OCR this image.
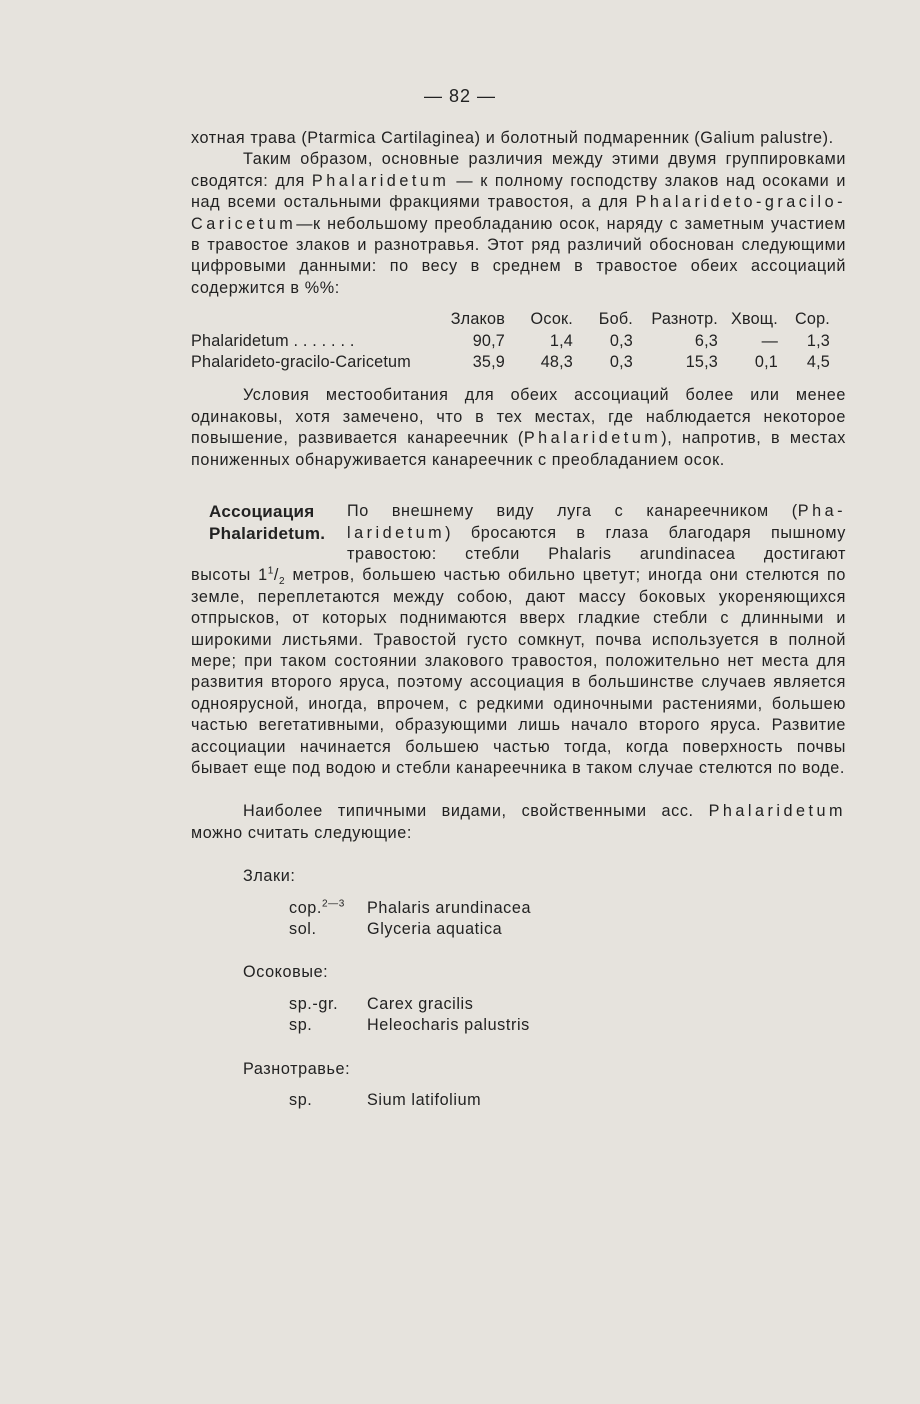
— 82 —

хотная трава (Ptarmica Cartilaginea) и болотный подмаренник (Galium palustre).

Таким образом, основные различия между этими двумя группировками сводятся: для Phalaridetum — к полному господству злаков над осоками и над всеми остальными фракциями травостоя, а для Phalarideto-gracilo-Caricetum—к небольшому преобладанию осок, наряду с заметным участием в травостое злаков и разнотравья. Этот ряд различий обоснован следующими цифровыми данными: по весу в среднем в травостое обеих ассоциаций содержится в %%:

	Злаков	Осок.	Боб.	Разнотр.	Хвощ.	Сор.
Phalaridetum . . . . . . .	90,7	1,4	0,3	6,3	—	1,3
Phalarideto-gracilo-Caricetum	35,9	48,3	0,3	15,3	0,1	4,5

Условия местообитания для обеих ассоциаций более или менее одинаковы, хотя замечено, что в тех местах, где наблюдается некоторое повышение, развивается канареечник (Phalaridetum), напротив, в местах пониженных обнаруживается канареечник с преобладанием осок.

Ассоциация
Phalaridetum.
По внешнему виду луга с канареечником (Pha-
laridetum) бросаются в глаза благодаря пышному
травостою: стебли Phalaris arundinacea достигают

высоты $1^1/_2$ метров, большею частью обильно цветут; иногда они стелются по земле, переплетаются между собою, дают массу боковых укореняющихся отпрысков, от которых поднимаются вверх гладкие стебли с длинными и широкими листьями. Травостой густо сомкнут, почва используется в полной мере; при таком состоянии злакового травостоя, положительно нет места для развития второго яруса, поэтому ассоциация в большинстве случаев является одноярусной, иногда, впрочем, с редкими одиночными растениями, большею частью вегетативными, образующими лишь начало второго яруса. Развитие ассоциации начинается большею частью тогда, когда поверхность почвы бывает еще под водою и стебли канареечника в таком случае стелются по воде.

Наиболее типичными видами, свойственными асс. Phalaridetum можно считать следующие:

Злаки:
cop.$^{2—3}$	Phalaris arundinacea
sol.	Glyceria aquatica
Осоковые:
sp.-gr.	Carex gracilis
sp.	Heleocharis palustris
Разнотравье:
sp.	Sium latifolium
